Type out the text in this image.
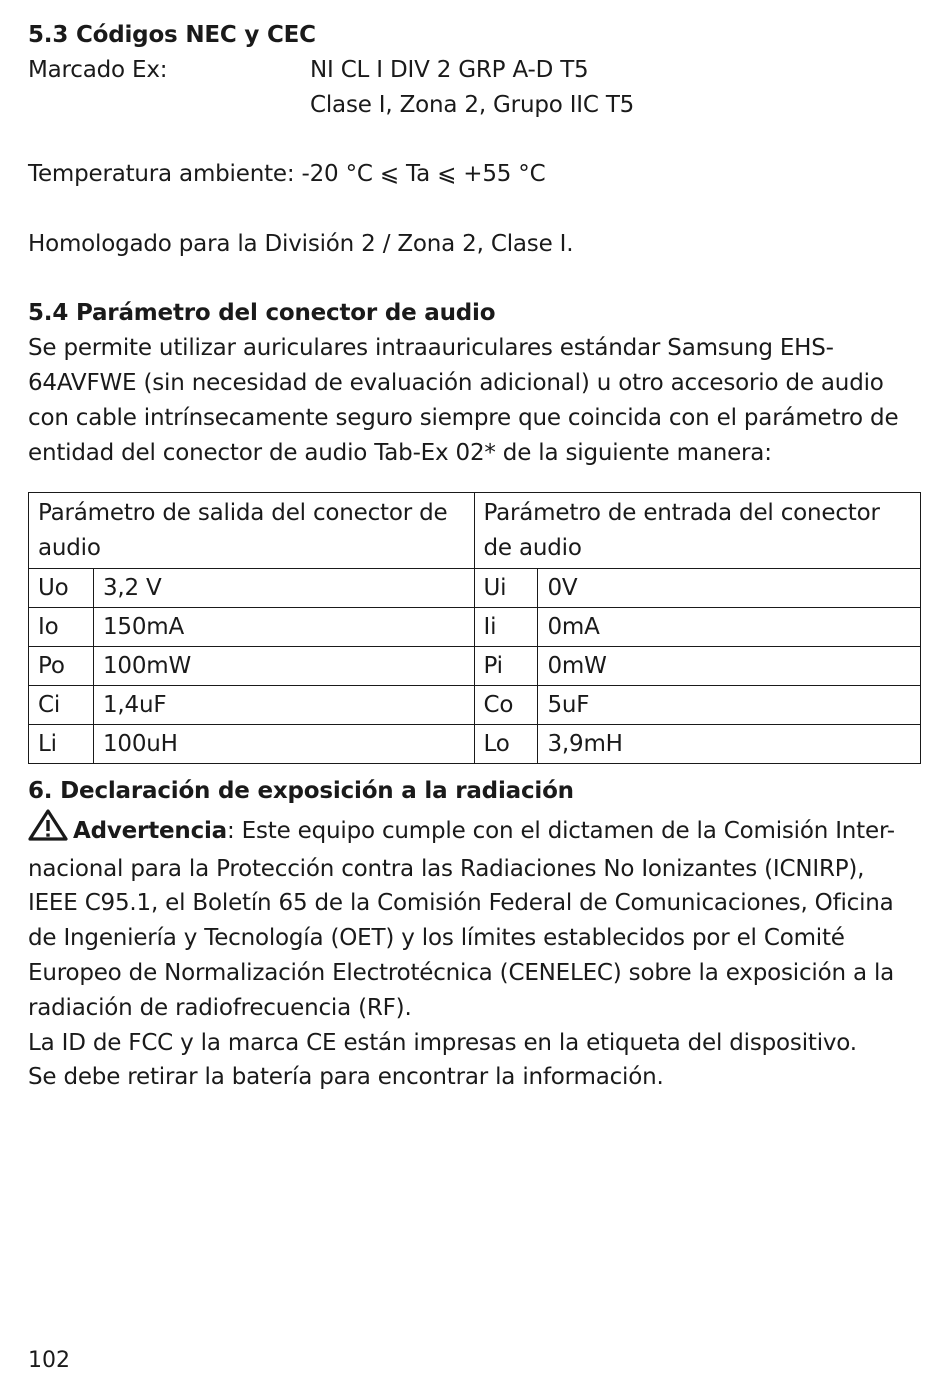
5.3 Códigos NEC y CEC

Marcado Ex:	NI CL I DIV 2 GRP A-D T5
Clase I, Zona 2, Grupo IIC T5

Temperatura ambiente: -20 °C ⩽ Ta ⩽ +55 °C

Homologado para la División 2 / Zona 2, Clase I.

5.4 Parámetro del conector de audio

Se permite utilizar auriculares intraauriculares estándar Samsung EHS-

64AVFWE (sin necesidad de evaluación adicional) u otro accesorio de audio

con cable intrínsecamente seguro siempre que coincida con el parámetro de

entidad del conector de audio Tab-Ex 02* de la siguiente manera:

Parámetro de salida del conector de audio		Parámetro de entrada del conector de audio	
Uo	3,2 V	Ui	0V
Io	150mA	Ii	0mA
Po	100mW	Pi	0mW
Ci	1,4uF	Co	5uF
Li	100uH	Lo	3,9mH

6. Declaración de exposición a la radiación

Advertencia: Este equipo cumple con el dictamen de la Comisión Inter-

nacional para la Protección contra las Radiaciones No Ionizantes (ICNIRP),

IEEE C95.1, el Boletín 65 de la Comisión Federal de Comunicaciones, Oficina

de Ingeniería y Tecnología (OET) y los límites establecidos por el Comité

Europeo de Normalización Electrotécnica (CENELEC) sobre la exposición a la

radiación de radiofrecuencia (RF).

La ID de FCC y la marca CE están impresas en la etiqueta del dispositivo.

Se debe retirar la batería para encontrar la información.

102
